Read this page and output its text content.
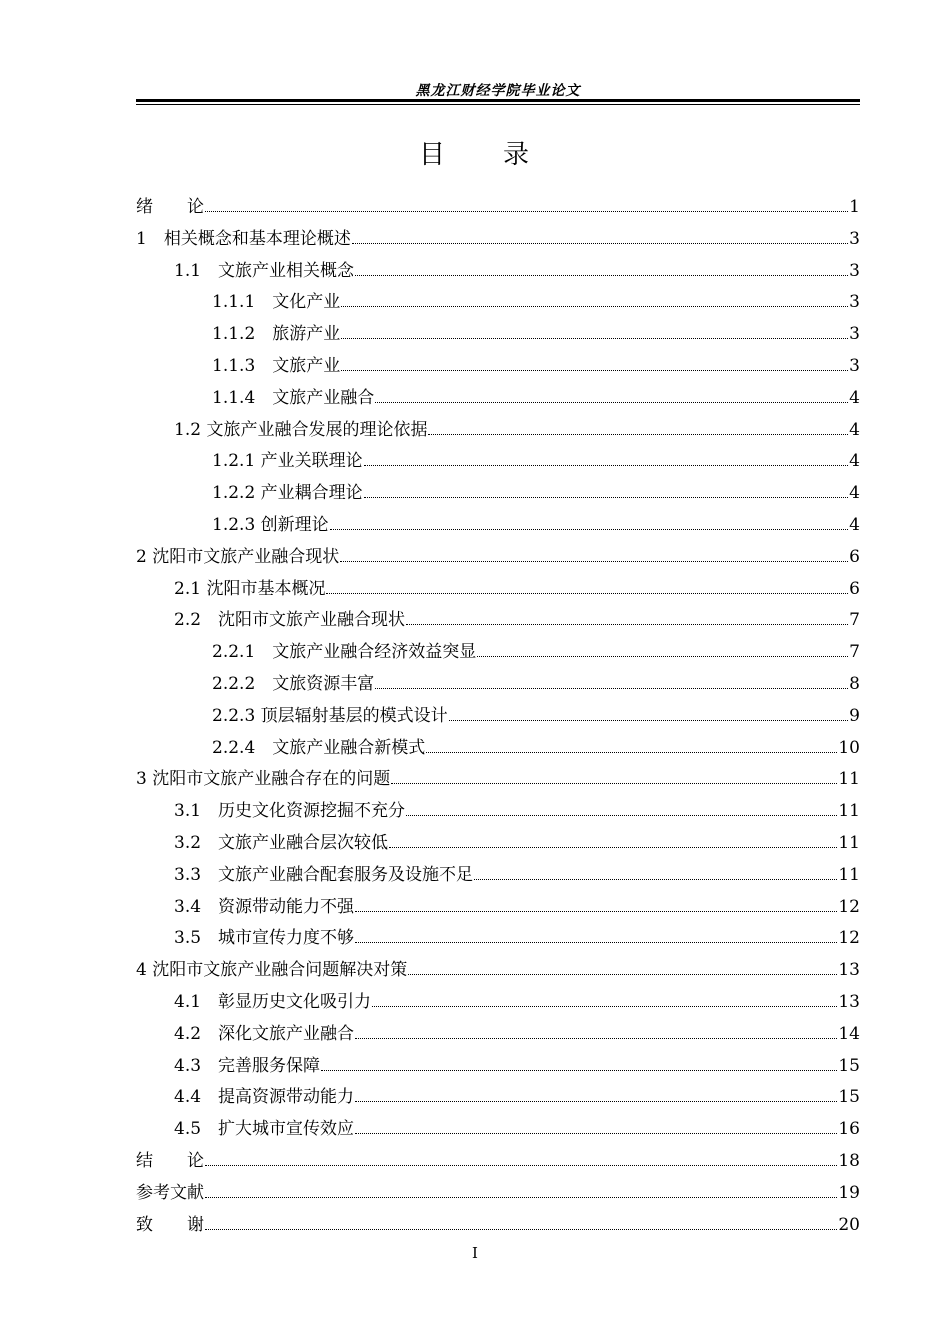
黑龙江财经学院毕业论文
目　　录
绪　　论	1
1　相关概念和基本理论概述	3
1.1　文旅产业相关概念	3
1.1.1　文化产业	3
1.1.2　旅游产业	3
1.1.3　文旅产业	3
1.1.4　文旅产业融合	4
1.2 文旅产业融合发展的理论依据	4
1.2.1 产业关联理论	4
1.2.2 产业耦合理论	4
1.2.3 创新理论	4
2 沈阳市文旅产业融合现状	6
2.1 沈阳市基本概况	6
2.2　沈阳市文旅产业融合现状	7
2.2.1　文旅产业融合经济效益突显	7
2.2.2　文旅资源丰富	8
2.2.3 顶层辐射基层的模式设计	9
2.2.4　文旅产业融合新模式	10
3 沈阳市文旅产业融合存在的问题	11
3.1　历史文化资源挖掘不充分	11
3.2　文旅产业融合层次较低	11
3.3　文旅产业融合配套服务及设施不足	11
3.4　资源带动能力不强	12
3.5　城市宣传力度不够	12
4 沈阳市文旅产业融合问题解决对策	13
4.1　彰显历史文化吸引力	13
4.2　深化文旅产业融合	14
4.3　完善服务保障	15
4.4　提高资源带动能力	15
4.5　扩大城市宣传效应	16
结　　论	18
参考文献	19
致　　谢	20
I
